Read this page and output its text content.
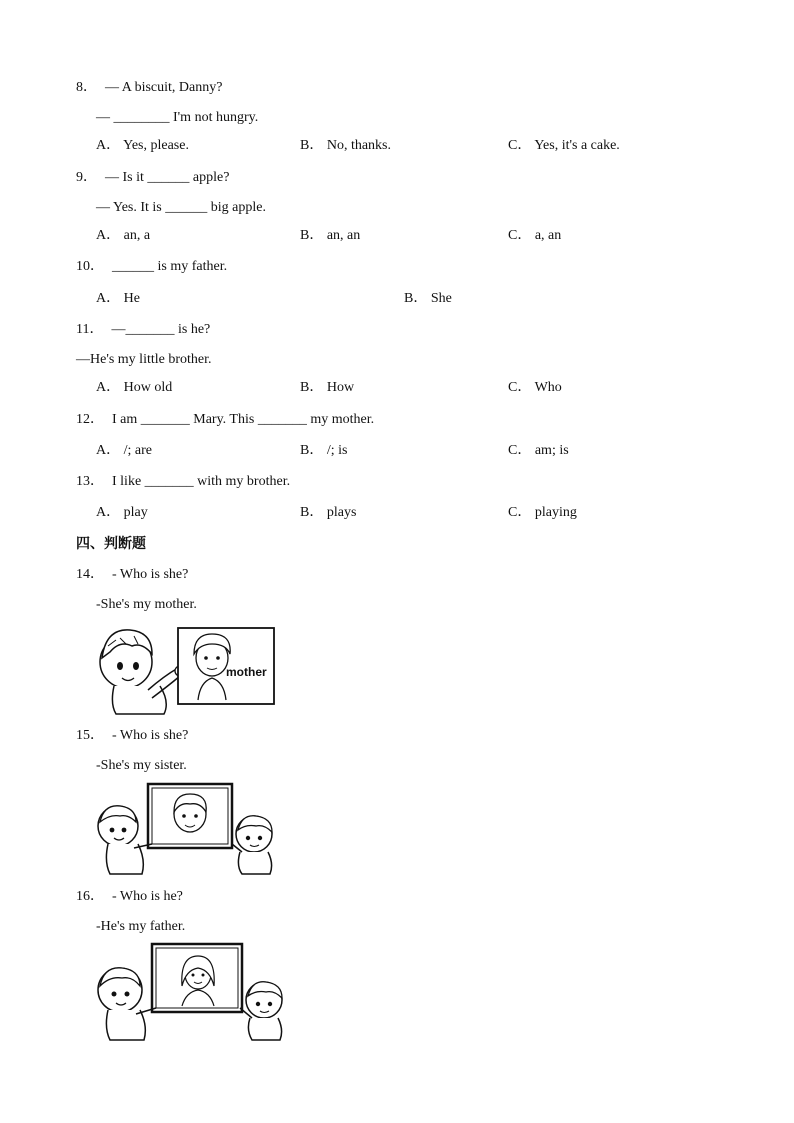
8． — A biscuit, Danny?
— ________ I'm not hungry.
A． Yes, please.	B． No, thanks.	C． Yes, it's a cake.
9． — Is it ______ apple?
— Yes. It is ______ big apple.
A． an, a	B． an, an	C． a, an
10． ______ is my father.
A． He	B． She
11． —_______ is he?
—He's my little brother.
A． How old	B． How	C． Who
12． I am _______ Mary. This _______ my mother.
A． /; are	B． /; is	C． am; is
13． I like _______ with my brother.
A． play	B． plays	C． playing
四、判断题
14． - Who is she?
-She's my mother.
mother
15． - Who is she?
-She's my sister.
16． - Who is he?
-He's my father.
